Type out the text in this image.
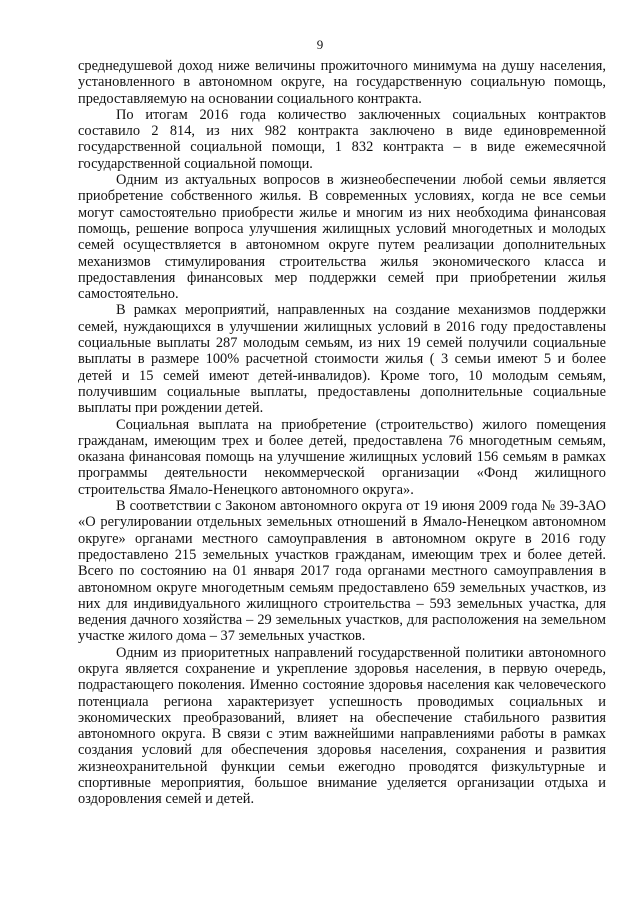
9

среднедушевой доход ниже величины прожиточного минимума на душу населения, установленного в автономном округе, на государственную социальную помощь, предоставляемую на основании социального контракта.

По итогам 2016 года количество заключенных социальных контрактов составило 2 814, из них 982 контракта заключено в виде единовременной государственной социальной помощи, 1 832 контракта – в виде ежемесячной государственной социальной помощи.

Одним из актуальных вопросов в жизнеобеспечении любой семьи является приобретение собственного жилья. В современных условиях, когда не все семьи могут самостоятельно приобрести жилье и многим из них необходима финансовая помощь, решение вопроса улучшения жилищных условий многодетных и молодых семей осуществляется в автономном округе путем реализации дополнительных механизмов стимулирования строительства жилья экономического класса и предоставления финансовых мер поддержки семей при приобретении жилья самостоятельно.

В рамках мероприятий, направленных на создание механизмов поддержки семей, нуждающихся в улучшении жилищных условий в 2016 году предоставлены социальные выплаты 287 молодым семьям, из них 19 семей получили социальные выплаты в размере 100% расчетной стоимости жилья ( 3 семьи имеют 5 и более детей и 15 семей имеют детей-инвалидов). Кроме того, 10 молодым семьям, получившим социальные выплаты, предоставлены дополнительные социальные выплаты при рождении детей.

Социальная выплата на приобретение (строительство) жилого помещения гражданам, имеющим трех и более детей, предоставлена 76 многодетным семьям, оказана финансовая помощь на улучшение жилищных условий 156 семьям в рамках программы деятельности некоммерческой организации «Фонд жилищного строительства Ямало-Ненецкого автономного округа».

В соответствии с Законом автономного округа от 19 июня 2009 года № 39-ЗАО «О регулировании отдельных земельных отношений в Ямало-Ненецком автономном округе» органами местного самоуправления в автономном округе в 2016 году предоставлено 215 земельных участков гражданам, имеющим трех и более детей. Всего по состоянию на 01 января 2017 года органами местного самоуправления в автономном округе многодетным семьям предоставлено 659 земельных участков, из них для индивидуального жилищного строительства – 593 земельных участка, для ведения дачного хозяйства – 29 земельных участков, для расположения на земельном участке жилого дома – 37 земельных участков.

Одним из приоритетных направлений государственной политики автономного округа является сохранение и укрепление здоровья населения, в первую очередь, подрастающего поколения. Именно состояние здоровья населения как человеческого потенциала региона характеризует успешность проводимых социальных и экономических преобразований, влияет на обеспечение стабильного развития автономного округа. В связи с этим важнейшими направлениями работы в рамках создания условий для обеспечения здоровья населения, сохранения и развития жизнеохранительной функции семьи ежегодно проводятся физкультурные и спортивные мероприятия, большое внимание уделяется организации отдыха и оздоровления семей и детей.
